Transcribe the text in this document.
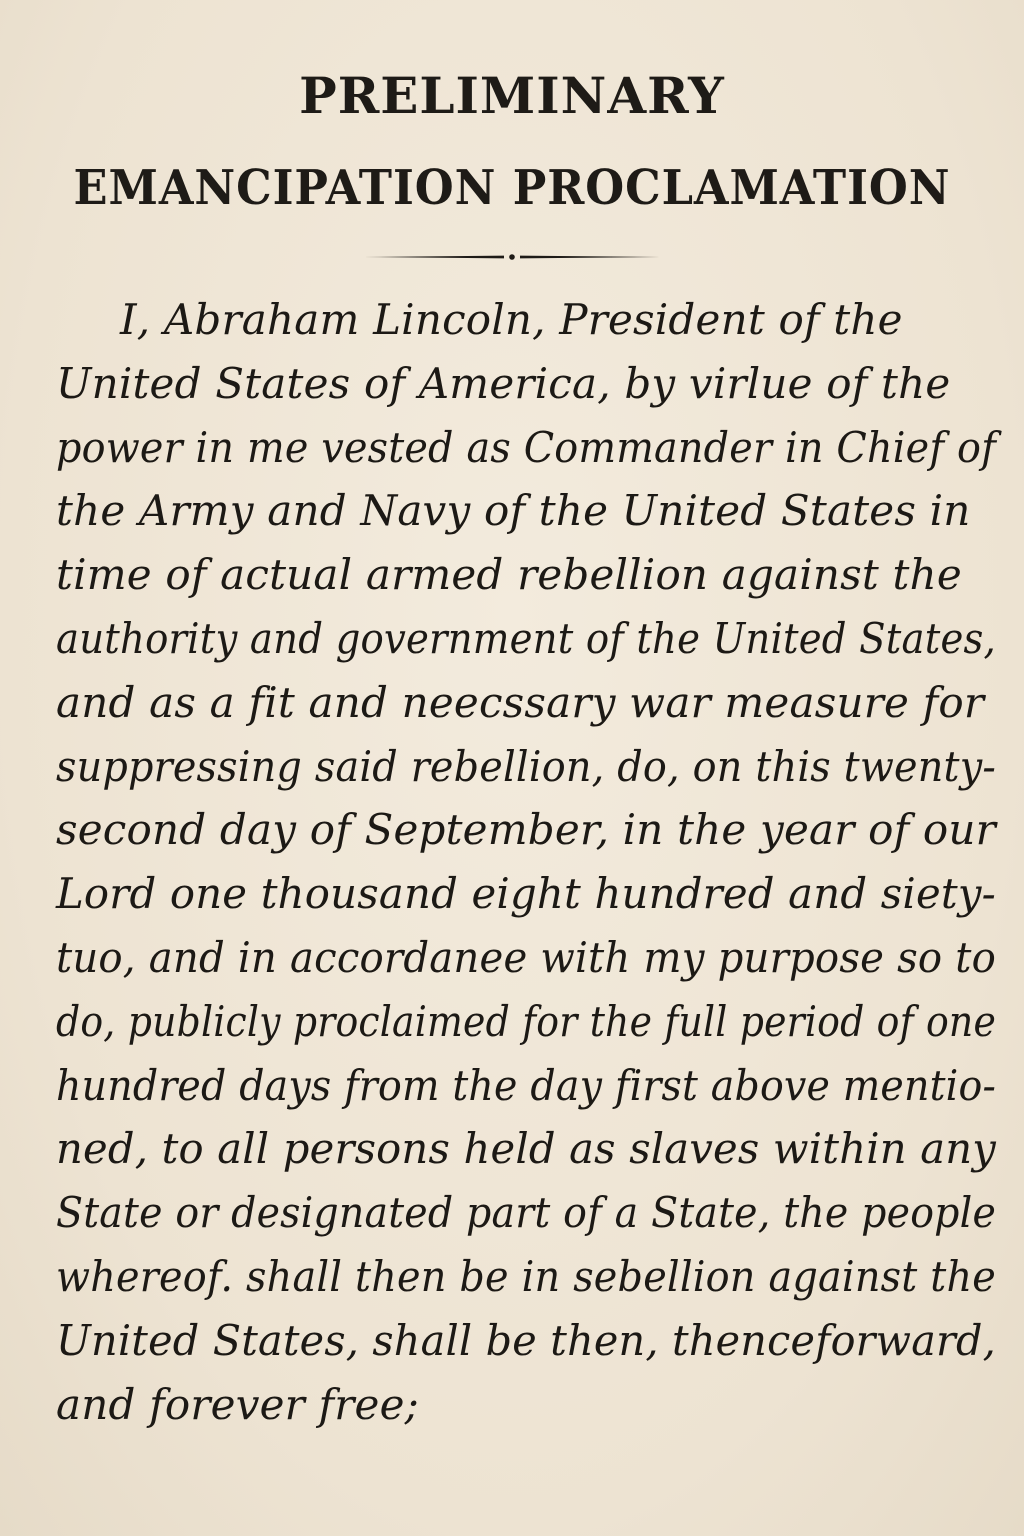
PRELIMINARY
EMANCIPATION PROCLAMATION
I, Abraham Lincoln, President of the
United States of America, by virlue of the
power in me vested as Commander in Chief of
the Army and Navy of the United States in
time of actual armed rebellion against the
authority and government of the United States,
and as a fit and neecssary war measure for
suppressing said rebellion, do, on this twenty-
second day of September, in the year of our
Lord one thousand eight hundred and siety-
tuo, and in accordanee with my purpose so to
do, publicly proclaimed for the full period of one
hundred days from the day first above mentio-
ned, to all persons held as slaves within any
State or designated part of a State, the people
whereof. shall then be in sebellion against the
United States, shall be then, thenceforward,
and forever free;
